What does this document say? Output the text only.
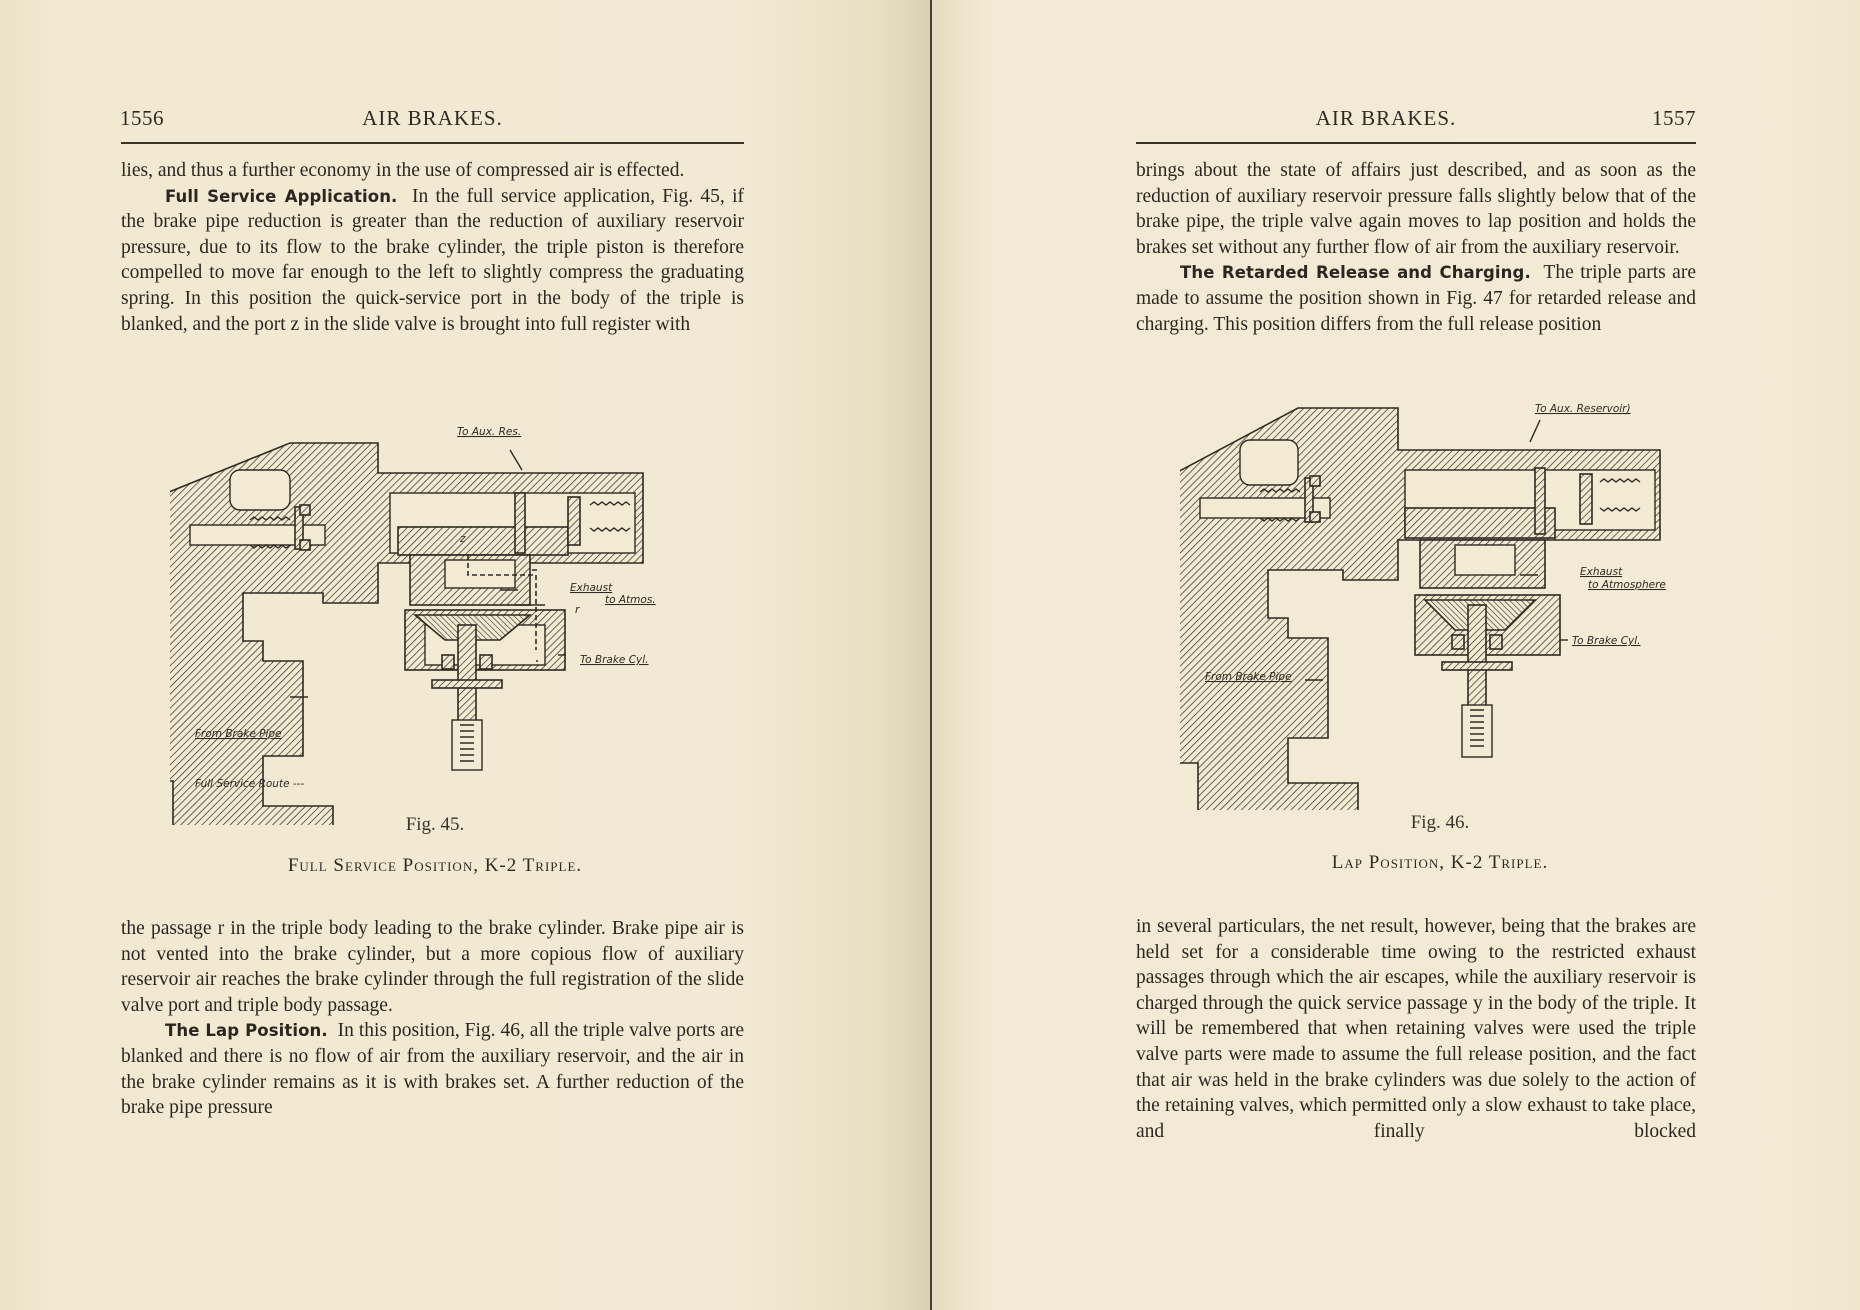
1556	AIR BRAKES.

lies, and thus a further economy in the use of compressed air is effected.

Full Service Application. In the full service application, Fig. 45, if the brake pipe reduction is greater than the reduction of auxiliary reservoir pressure, due to its flow to the brake cylinder, the triple piston is therefore compelled to move far enough to the left to slightly compress the graduating spring. In this position the quick-service port in the body of the triple is blanked, and the port z in the slide valve is brought into full register with

To Aux. Res.
Exhaust
to Atmos.
r
z
To Brake Cyl.
From Brake Pipe
Full Service Route ---
Fig. 45.
Full Service Position, K-2 Triple.

the passage r in the triple body leading to the brake cylinder. Brake pipe air is not vented into the brake cylinder, but a more copious flow of auxiliary reservoir air reaches the brake cylinder through the full registration of the slide valve port and triple body passage.

The Lap Position. In this position, Fig. 46, all the triple valve ports are blanked and there is no flow of air from the auxiliary reservoir, and the air in the brake cylinder remains as it is with brakes set. A further reduction of the brake pipe pressure

AIR BRAKES.	1557

brings about the state of affairs just described, and as soon as the reduction of auxiliary reservoir pressure falls slightly below that of the brake pipe, the triple valve again moves to lap position and holds the brakes set without any further flow of air from the auxiliary reservoir.

The Retarded Release and Charging. The triple parts are made to assume the position shown in Fig. 47 for retarded release and charging. This position differs from the full release position

To Aux. Reservoir)
Exhaust
to Atmosphere
To Brake Cyl.
From Brake Pipe
Fig. 46.
Lap Position, K-2 Triple.

in several particulars, the net result, however, being that the brakes are held set for a considerable time owing to the restricted exhaust passages through which the air escapes, while the auxiliary reservoir is charged through the quick service passage y in the body of the triple. It will be remembered that when retaining valves were used the triple valve parts were made to assume the full release position, and the fact that air was held in the brake cylinders was due solely to the action of the retaining valves, which permitted only a slow exhaust to take place, and finally blocked
